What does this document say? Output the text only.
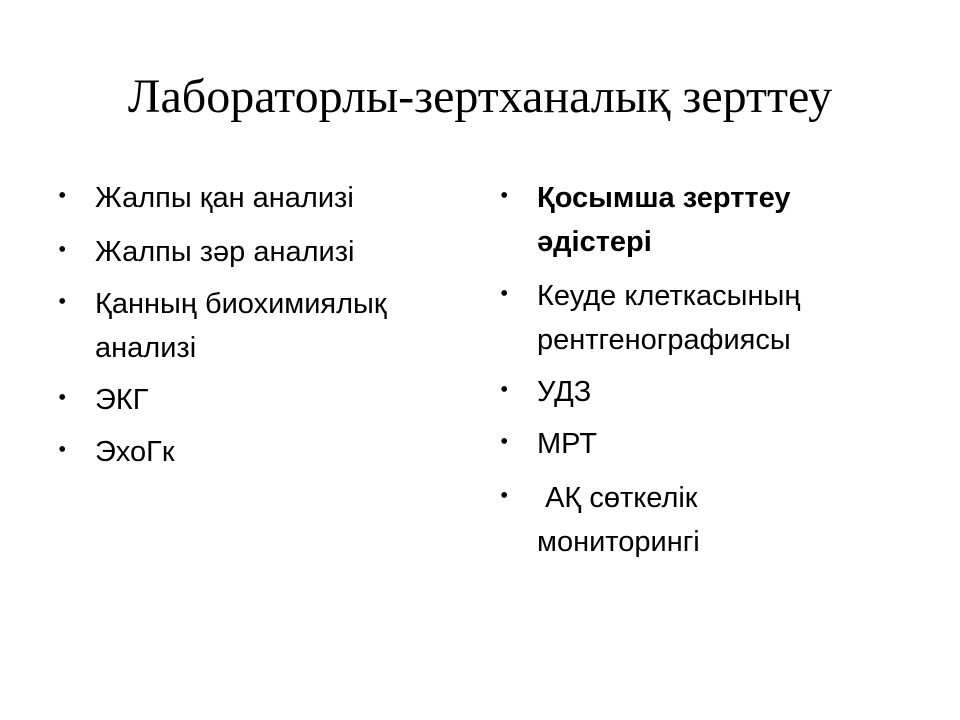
Лабораторлы-зертханалық зерттеу
• Жалпы қан анализі
• Жалпы зәр анализі
• Қанның биохимиялық анализі
• ЭКГ
• ЭхоГк
• Қосымша зерттеу әдістері
• Кеуде клеткасының рентгенографиясы
• УДЗ
• МРТ
• АҚ сөткелік мониторингі
